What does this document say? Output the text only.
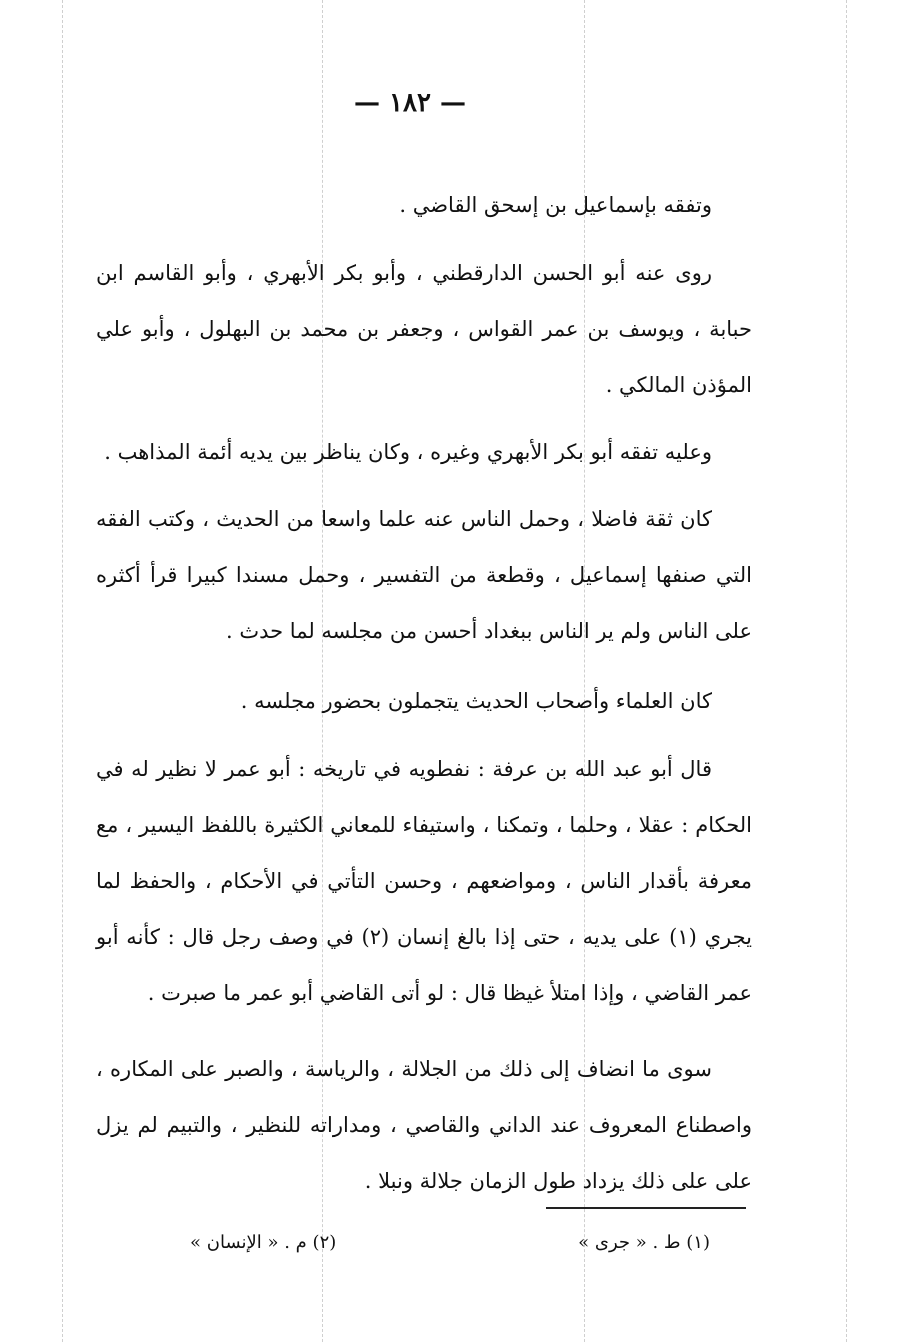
— ١٨٢ —

وتفقه بإسماعيل بن إسحق القاضي .

روى عنه أبو الحسن الدارقطني ، وأبو بكر الأبهري ، وأبو القاسم ابن حبابة ، ويوسف بن عمر القواس ، وجعفر بن محمد بن البهلول ، وأبو علي المؤذن المالكي .

وعليه تفقه أبو بكر الأبهري وغيره ، وكان يناظر بين يديه أئمة المذاهب .

كان ثقة فاضلا ، وحمل الناس عنه علما واسعا من الحديث ، وكتب الفقه التي صنفها إسماعيل ، وقطعة من التفسير ، وحمل مسندا كبيرا قرأ أكثره على الناس ولم ير الناس ببغداد أحسن من مجلسه لما حدث .

كان العلماء وأصحاب الحديث يتجملون بحضور مجلسه .

قال أبو عبد الله بن عرفة : نفطويه في تاريخه : أبو عمر لا نظير له في الحكام : عقلا ، وحلما ، وتمكنا ، واستيفاء للمعاني الكثيرة باللفظ اليسير ، مع معرفة بأقدار الناس ، ومواضعهم ، وحسن التأتي في الأحكام ، والحفظ لما يجري (١) على يديه ، حتى إذا بالغ إنسان (٢) في وصف رجل قال : كأنه أبو عمر القاضي ، وإذا امتلأ غيظا قال : لو أتى القاضي أبو عمر ما صبرت .

سوى ما انضاف إلى ذلك من الجلالة ، والرياسة ، والصبر على المكاره ، واصطناع المعروف عند الداني والقاصي ، ومداراته للنظير ، والتبيم لم يزل على على ذلك يزداد طول الزمان جلالة ونبلا .

(١) ط . « جرى »
(٢) م . « الإنسان »
